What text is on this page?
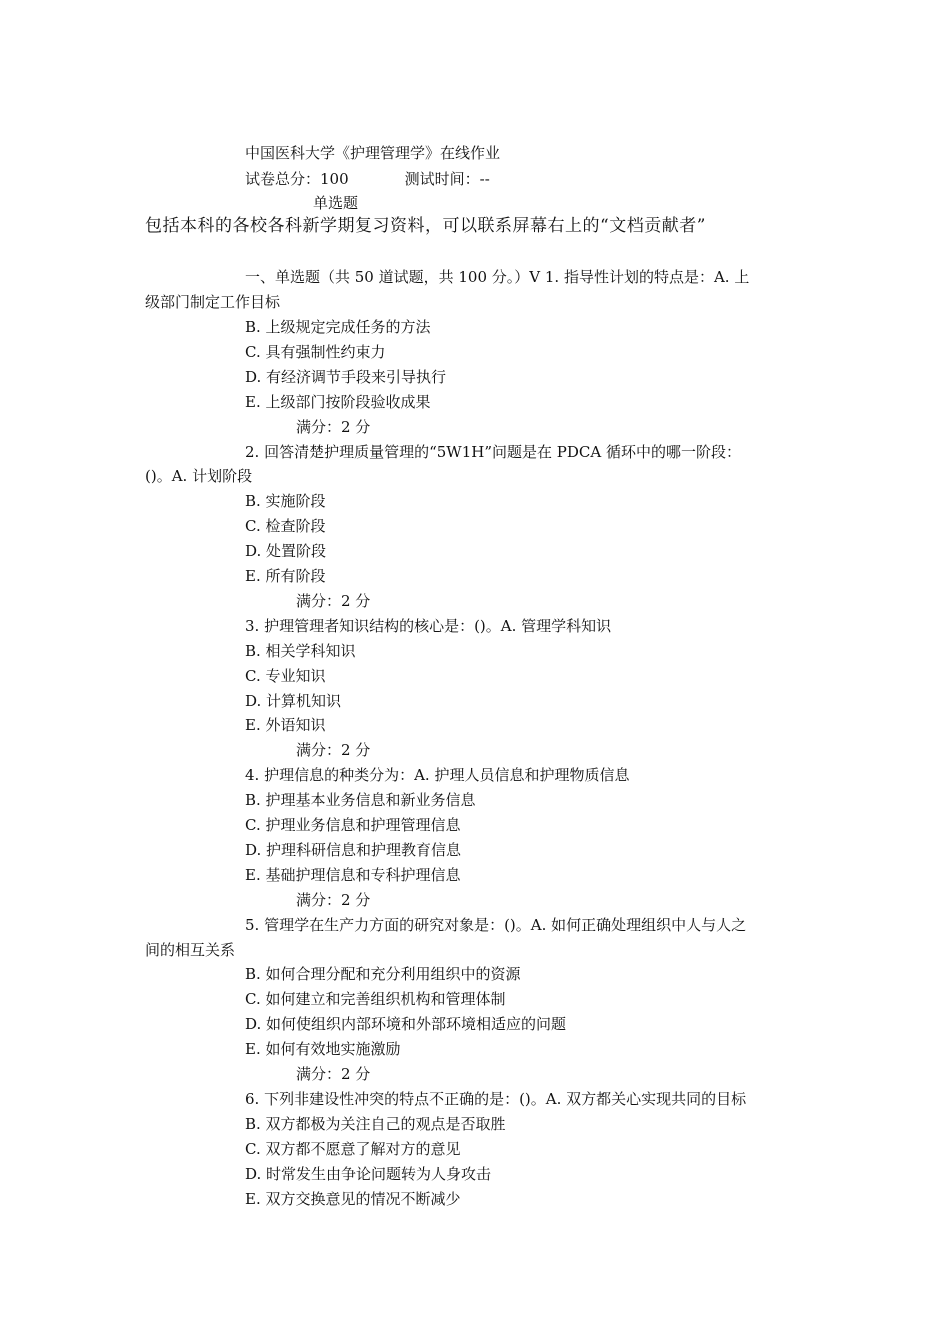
中国医科大学《护理管理学》在线作业
试卷总分：100	测试时间：--
单选题
包括本科的各校各科新学期复习资料，可以联系屏幕右上的“文档贡献者”
一、单选题（共 50 道试题，共 100 分。）V 1. 指导性计划的特点是：A. 上
级部门制定工作目标
B. 上级规定完成任务的方法
C. 具有强制性约束力
D. 有经济调节手段来引导执行
E. 上级部门按阶段验收成果
满分：2 分
2. 回答清楚护理质量管理的“5W1H”问题是在 PDCA 循环中的哪一阶段：
()。A. 计划阶段
B. 实施阶段
C. 检查阶段
D. 处置阶段
E. 所有阶段
满分：2 分
3. 护理管理者知识结构的核心是：()。A. 管理学科知识
B. 相关学科知识
C. 专业知识
D. 计算机知识
E. 外语知识
满分：2 分
4. 护理信息的种类分为：A. 护理人员信息和护理物质信息
B. 护理基本业务信息和新业务信息
C. 护理业务信息和护理管理信息
D. 护理科研信息和护理教育信息
E. 基础护理信息和专科护理信息
满分：2 分
5. 管理学在生产力方面的研究对象是：()。A. 如何正确处理组织中人与人之
间的相互关系
B. 如何合理分配和充分利用组织中的资源
C. 如何建立和完善组织机构和管理体制
D. 如何使组织内部环境和外部环境相适应的问题
E. 如何有效地实施激励
满分：2 分
6. 下列非建设性冲突的特点不正确的是：()。A. 双方都关心实现共同的目标
B. 双方都极为关注自己的观点是否取胜
C. 双方都不愿意了解对方的意见
D. 时常发生由争论问题转为人身攻击
E. 双方交换意见的情况不断减少
